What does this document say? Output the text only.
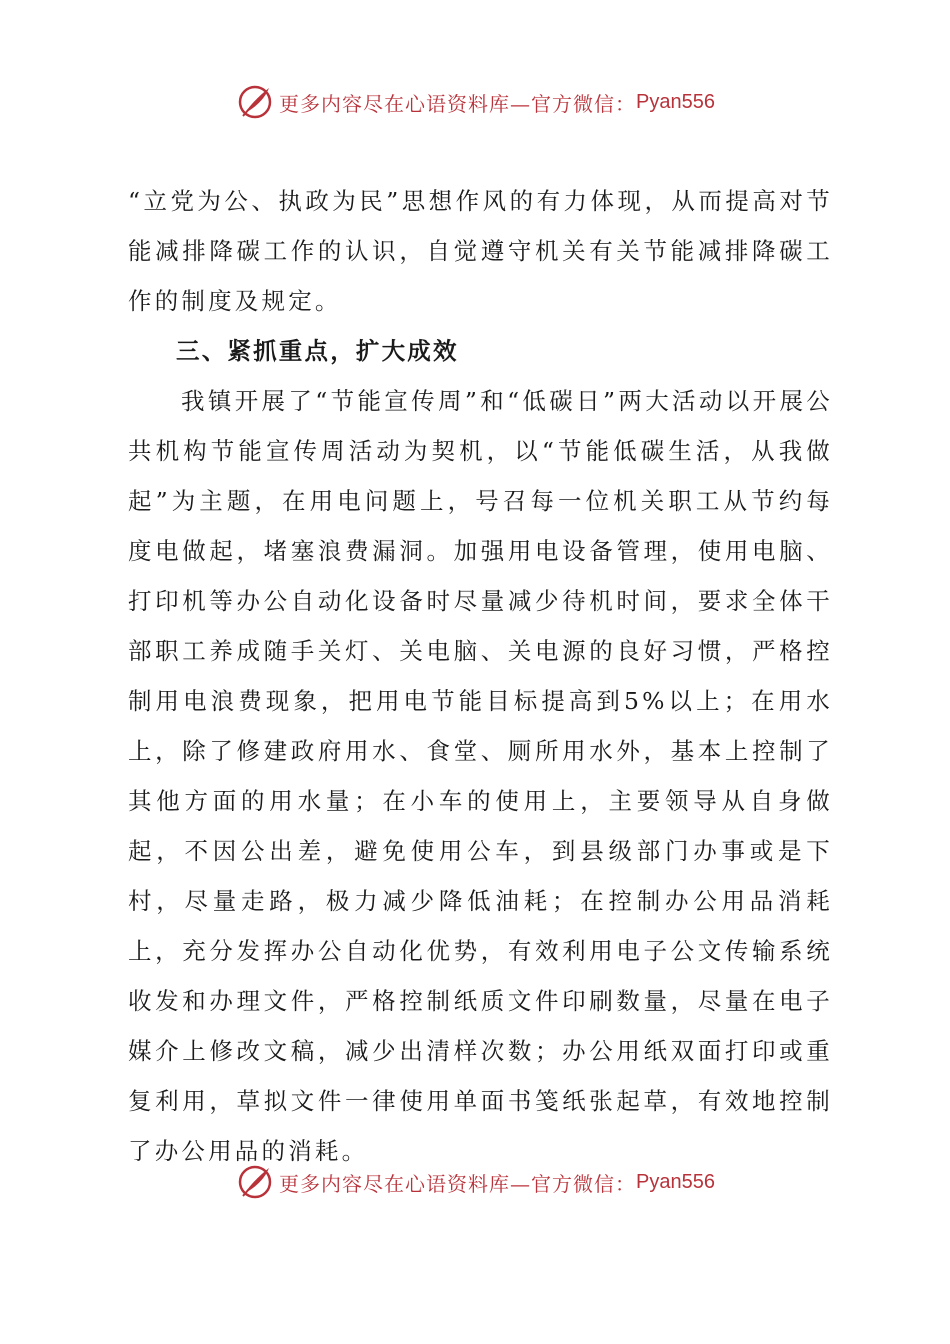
更多内容尽在心语资料库—官方微信： Pyan556

“立党为公、执政为民”思想作风的有力体现，从而提高对节能减排降碳工作的认识，自觉遵守机关有关节能减排降碳工作的制度及规定。

三、紧抓重点，扩大成效

我镇开展了“节能宣传周”和“低碳日”两大活动以开展公共机构节能宣传周活动为契机，以“节能低碳生活，从我做起”为主题，在用电问题上，号召每一位机关职工从节约每度电做起，堵塞浪费漏洞。加强用电设备管理，使用电脑、打印机等办公自动化设备时尽量减少待机时间，要求全体干部职工养成随手关灯、关电脑、关电源的良好习惯，严格控制用电浪费现象，把用电节能目标提高到5%以上；在用水上，除了修建政府用水、食堂、厕所用水外，基本上控制了其他方面的用水量；在小车的使用上，主要领导从自身做起，不因公出差，避免使用公车，到县级部门办事或是下村，尽量走路，极力减少降低油耗；在控制办公用品消耗上，充分发挥办公自动化优势，有效利用电子公文传输系统收发和办理文件，严格控制纸质文件印刷数量，尽量在电子媒介上修改文稿，减少出清样次数；办公用纸双面打印或重复利用，草拟文件一律使用单面书笺纸张起草，有效地控制了办公用品的消耗。

更多内容尽在心语资料库—官方微信： Pyan556
